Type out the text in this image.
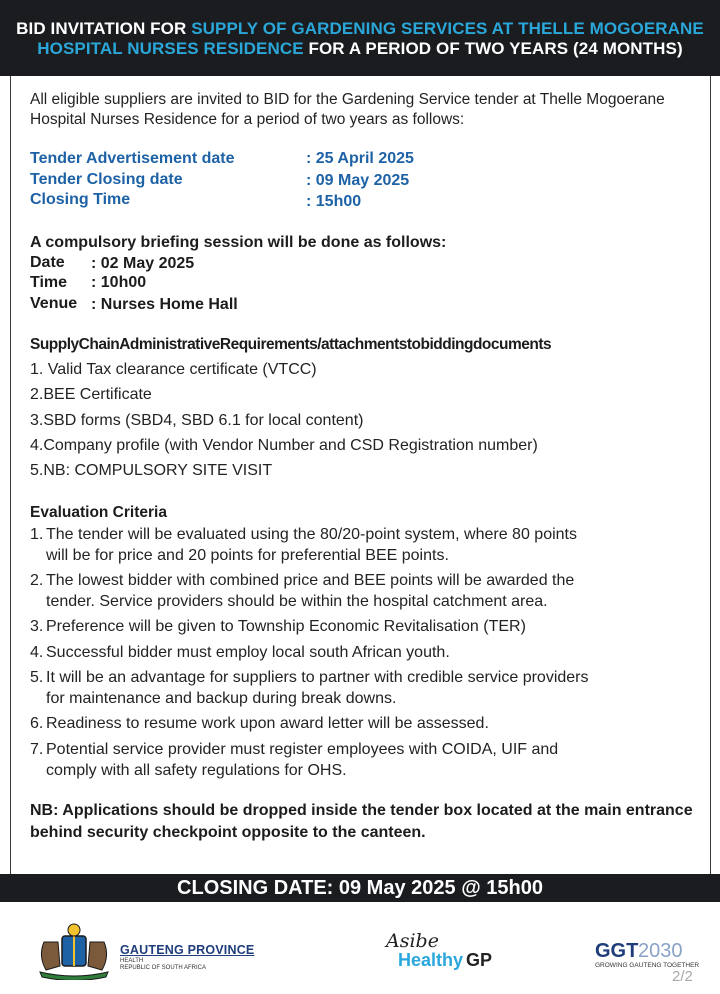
BID INVITATION FOR SUPPLY OF GARDENING SERVICES AT THELLE MOGOERANE
HOSPITAL NURSES RESIDENCE FOR A PERIOD OF TWO YEARS (24 MONTHS)
All eligible suppliers are invited to BID for the Gardening Service tender at Thelle Mogoerane Hospital Nurses Residence for a period of two years as follows:
Tender Advertisement date	: 25 April 2025
Tender Closing date	: 09 May 2025
Closing Time	: 15h00
A compulsory briefing session will be done as follows:
Date : 02 May 2025
Time : 10h00
Venue : Nurses Home Hall
SupplyChainAdministrativeRequirements/attachmentstobiddingdocuments
1. Valid Tax clearance certificate (VTCC)
2.BEE Certificate
3.SBD forms (SBD4, SBD 6.1 for local content)
4.Company profile (with Vendor Number and CSD Registration number)
5.NB: COMPULSORY SITE VISIT
Evaluation Criteria
1. The tender will be evaluated using the 80/20-point system, where 80 points
will be for price and 20 points for preferential BEE points.
2. The lowest bidder with combined price and BEE points will be awarded the
tender. Service providers should be within the hospital catchment area.
3. Preference will be given to Township Economic Revitalisation (TER)
4. Successful bidder must employ local south African youth.
5. It will be an advantage for suppliers to partner with credible service providers
for maintenance and backup during break downs.
6. Readiness to resume work upon award letter will be assessed.
7. Potential service provider must register employees with COIDA, UIF and
comply with all safety regulations for OHS.
NB: Applications should be dropped inside the tender box located at the main entrance behind security checkpoint opposite to the canteen.
CLOSING DATE: 09 May 2025 @ 15h00
GAUTENG PROVINCE
HEALTH
REPUBLIC OF SOUTH AFRICA
Asibe
Healthy GP	GGT 2030
GROWING GAUTENG TOGETHER
2/2
